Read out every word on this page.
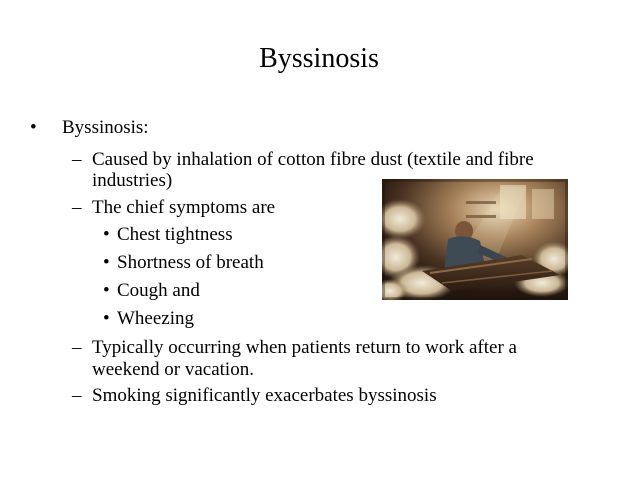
Byssinosis
• Byssinosis:
– Caused by inhalation of cotton fibre dust (textile and fibre
industries)
– The chief symptoms are
• Chest tightness
• Shortness of breath
• Cough and
• Wheezing
– Typically occurring when patients return to work after a
weekend or vacation.
– Smoking significantly exacerbates byssinosis
